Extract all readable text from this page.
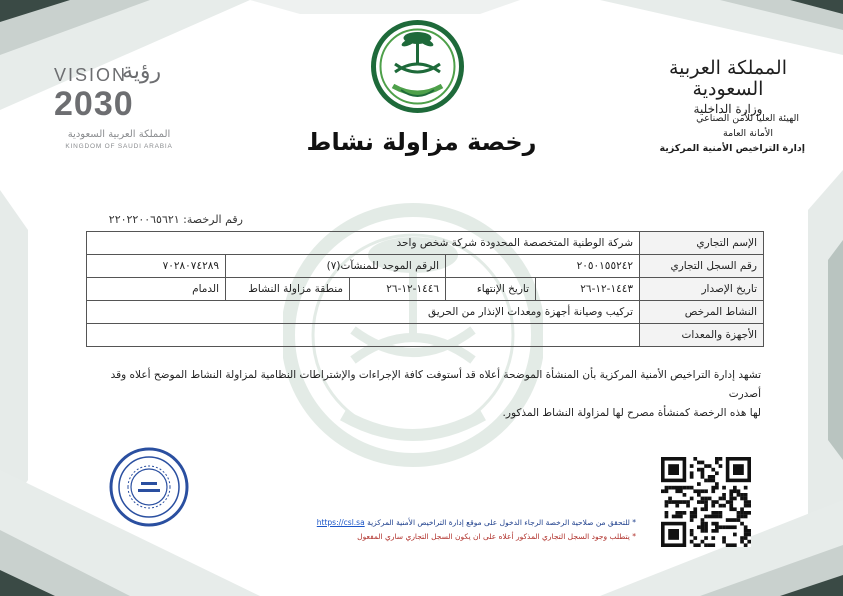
المملكة العربية السعودية
وزارة الداخلية
الهيئة العليا للأمن الصناعي
الأمانة العامة
إدارة التراخيص الأمنية المركزية
رخصة مزاولة نشاط
VISION
رؤية
2030
المملكة العربية السعودية
KINGDOM OF SAUDI ARABIA
رقم الرخصة: ٢٢٠٢٢٠٠٦٥٦٢١
الإسم التجاري	شركة الوطنية المتخصصة المحدودة شركة شخص واحد				
رقم السجل التجاري	٢٠٥٠١٥٥٢٤٢		الرقم الموحد للمنشآت(٧)		٧٠٢٨٠٧٤٢٨٩
تاريخ الإصدار	١٤٤٣-١٢-٢٦	تاريخ الإنتهاء	١٤٤٦-١٢-٢٦	منطقة مزاولة النشاط	الدمام
النشاط المرخص	تركيب وصيانة أجهزة ومعدات الإنذار من الحريق				
الأجهزة والمعدات					
تشهد إدارة التراخيص الأمنية المركزية بأن المنشأة الموضحة أعلاه قد أستوفت كافة الإجراءات والإشتراطات النظامية لمزاولة النشاط الموضح أعلاه وقد أصدرت
لها هذه الرخصة كمنشأة مصرح لها لمزاولة النشاط المذكور.
* للتحقق من صلاحية الرخصة الرجاء الدخول على موقع إدارة التراخيص الأمنية المركزية https://csl.sa
* يتطلب وجود السجل التجاري المذكور أعلاه على ان يكون السجل التجاري ساري المفعول
